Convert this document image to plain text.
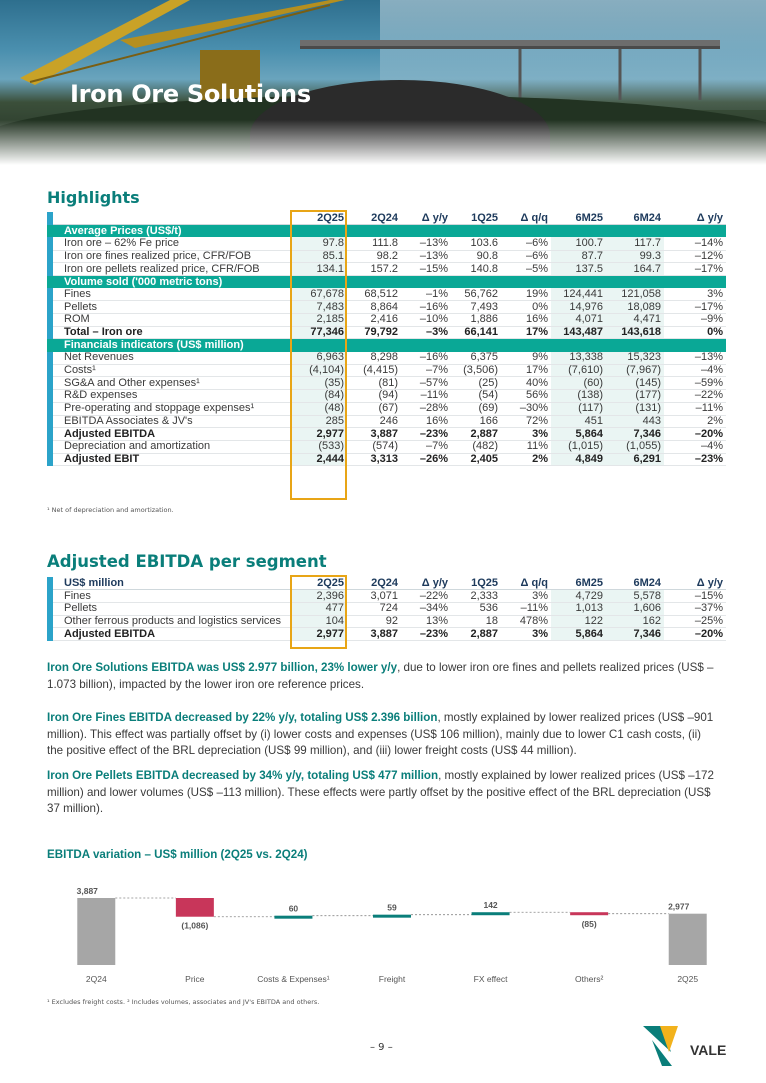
Iron Ore Solutions
Highlights
	2Q25	2Q24	Δ y/y	1Q25	Δ q/q	6M25	6M24	Δ y/y
Average Prices (US$/t)								
Iron ore – 62% Fe price	97.8	111.8	–13%	103.6	–6%	100.7	117.7	–14%
Iron ore fines realized price, CFR/FOB	85.1	98.2	–13%	90.8	–6%	87.7	99.3	–12%
Iron ore pellets realized price, CFR/FOB	134.1	157.2	–15%	140.8	–5%	137.5	164.7	–17%
Volume sold ('000 metric tons)								
Fines	67,678	68,512	–1%	56,762	19%	124,441	121,058	3%
Pellets	7,483	8,864	–16%	7,493	0%	14,976	18,089	–17%
ROM	2,185	2,416	–10%	1,886	16%	4,071	4,471	–9%
Total – Iron ore	77,346	79,792	–3%	66,141	17%	143,487	143,618	0%
Financials indicators (US$ million)								
Net Revenues	6,963	8,298	–16%	6,375	9%	13,338	15,323	–13%
Costs¹	(4,104)	(4,415)	–7%	(3,506)	17%	(7,610)	(7,967)	–4%
SG&A and Other expenses¹	(35)	(81)	–57%	(25)	40%	(60)	(145)	–59%
R&D expenses	(84)	(94)	–11%	(54)	56%	(138)	(177)	–22%
Pre-operating and stoppage expenses¹	(48)	(67)	–28%	(69)	–30%	(117)	(131)	–11%
EBITDA Associates & JV's	285	246	16%	166	72%	451	443	2%
Adjusted EBITDA	2,977	3,887	–23%	2,887	3%	5,864	7,346	–20%
Depreciation and amortization	(533)	(574)	–7%	(482)	11%	(1,015)	(1,055)	–4%
Adjusted EBIT	2,444	3,313	–26%	2,405	2%	4,849	6,291	–23%
¹ Net of depreciation and amortization.
Adjusted EBITDA per segment
US$ million	2Q25	2Q24	Δ y/y	1Q25	Δ q/q	6M25	6M24	Δ y/y
Fines	2,396	3,071	–22%	2,333	3%	4,729	5,578	–15%
Pellets	477	724	–34%	536	–11%	1,013	1,606	–37%
Other ferrous products and logistics services	104	92	13%	18	478%	122	162	–25%
Adjusted EBITDA	2,977	3,887	–23%	2,887	3%	5,864	7,346	–20%

Iron Ore Solutions EBITDA was US$ 2.977 billion, 23% lower y/y, due to lower iron ore fines and pellets realized prices (US$ –1.073 billion), impacted by the lower iron ore reference prices.

Iron Ore Fines EBITDA decreased by 22% y/y, totaling US$ 2.396 billion, mostly explained by lower realized prices (US$ –901 million). This effect was partially offset by (i) lower costs and expenses (US$ 106 million), mainly due to lower C1 cash costs, (ii) the positive effect of the BRL depreciation (US$ 99 million), and (iii) lower freight costs (US$ 44 million).

Iron Ore Pellets EBITDA decreased by 34% y/y, totaling US$ 477 million, mostly explained by lower realized prices (US$ –172 million) and lower volumes (US$ –113 million). These effects were partly offset by the positive effect of the BRL depreciation (US$ 37 million).

EBITDA variation – US$ million (2Q25 vs. 2Q24)
3,887
2Q24
(1,086)
Price
60
Costs & Expenses¹
59
Freight
142
FX effect
(85)
Others²
2,977
2Q25
¹ Excludes freight costs. ² Includes volumes, associates and JV's EBITDA and others.
– 9 –	VALE
